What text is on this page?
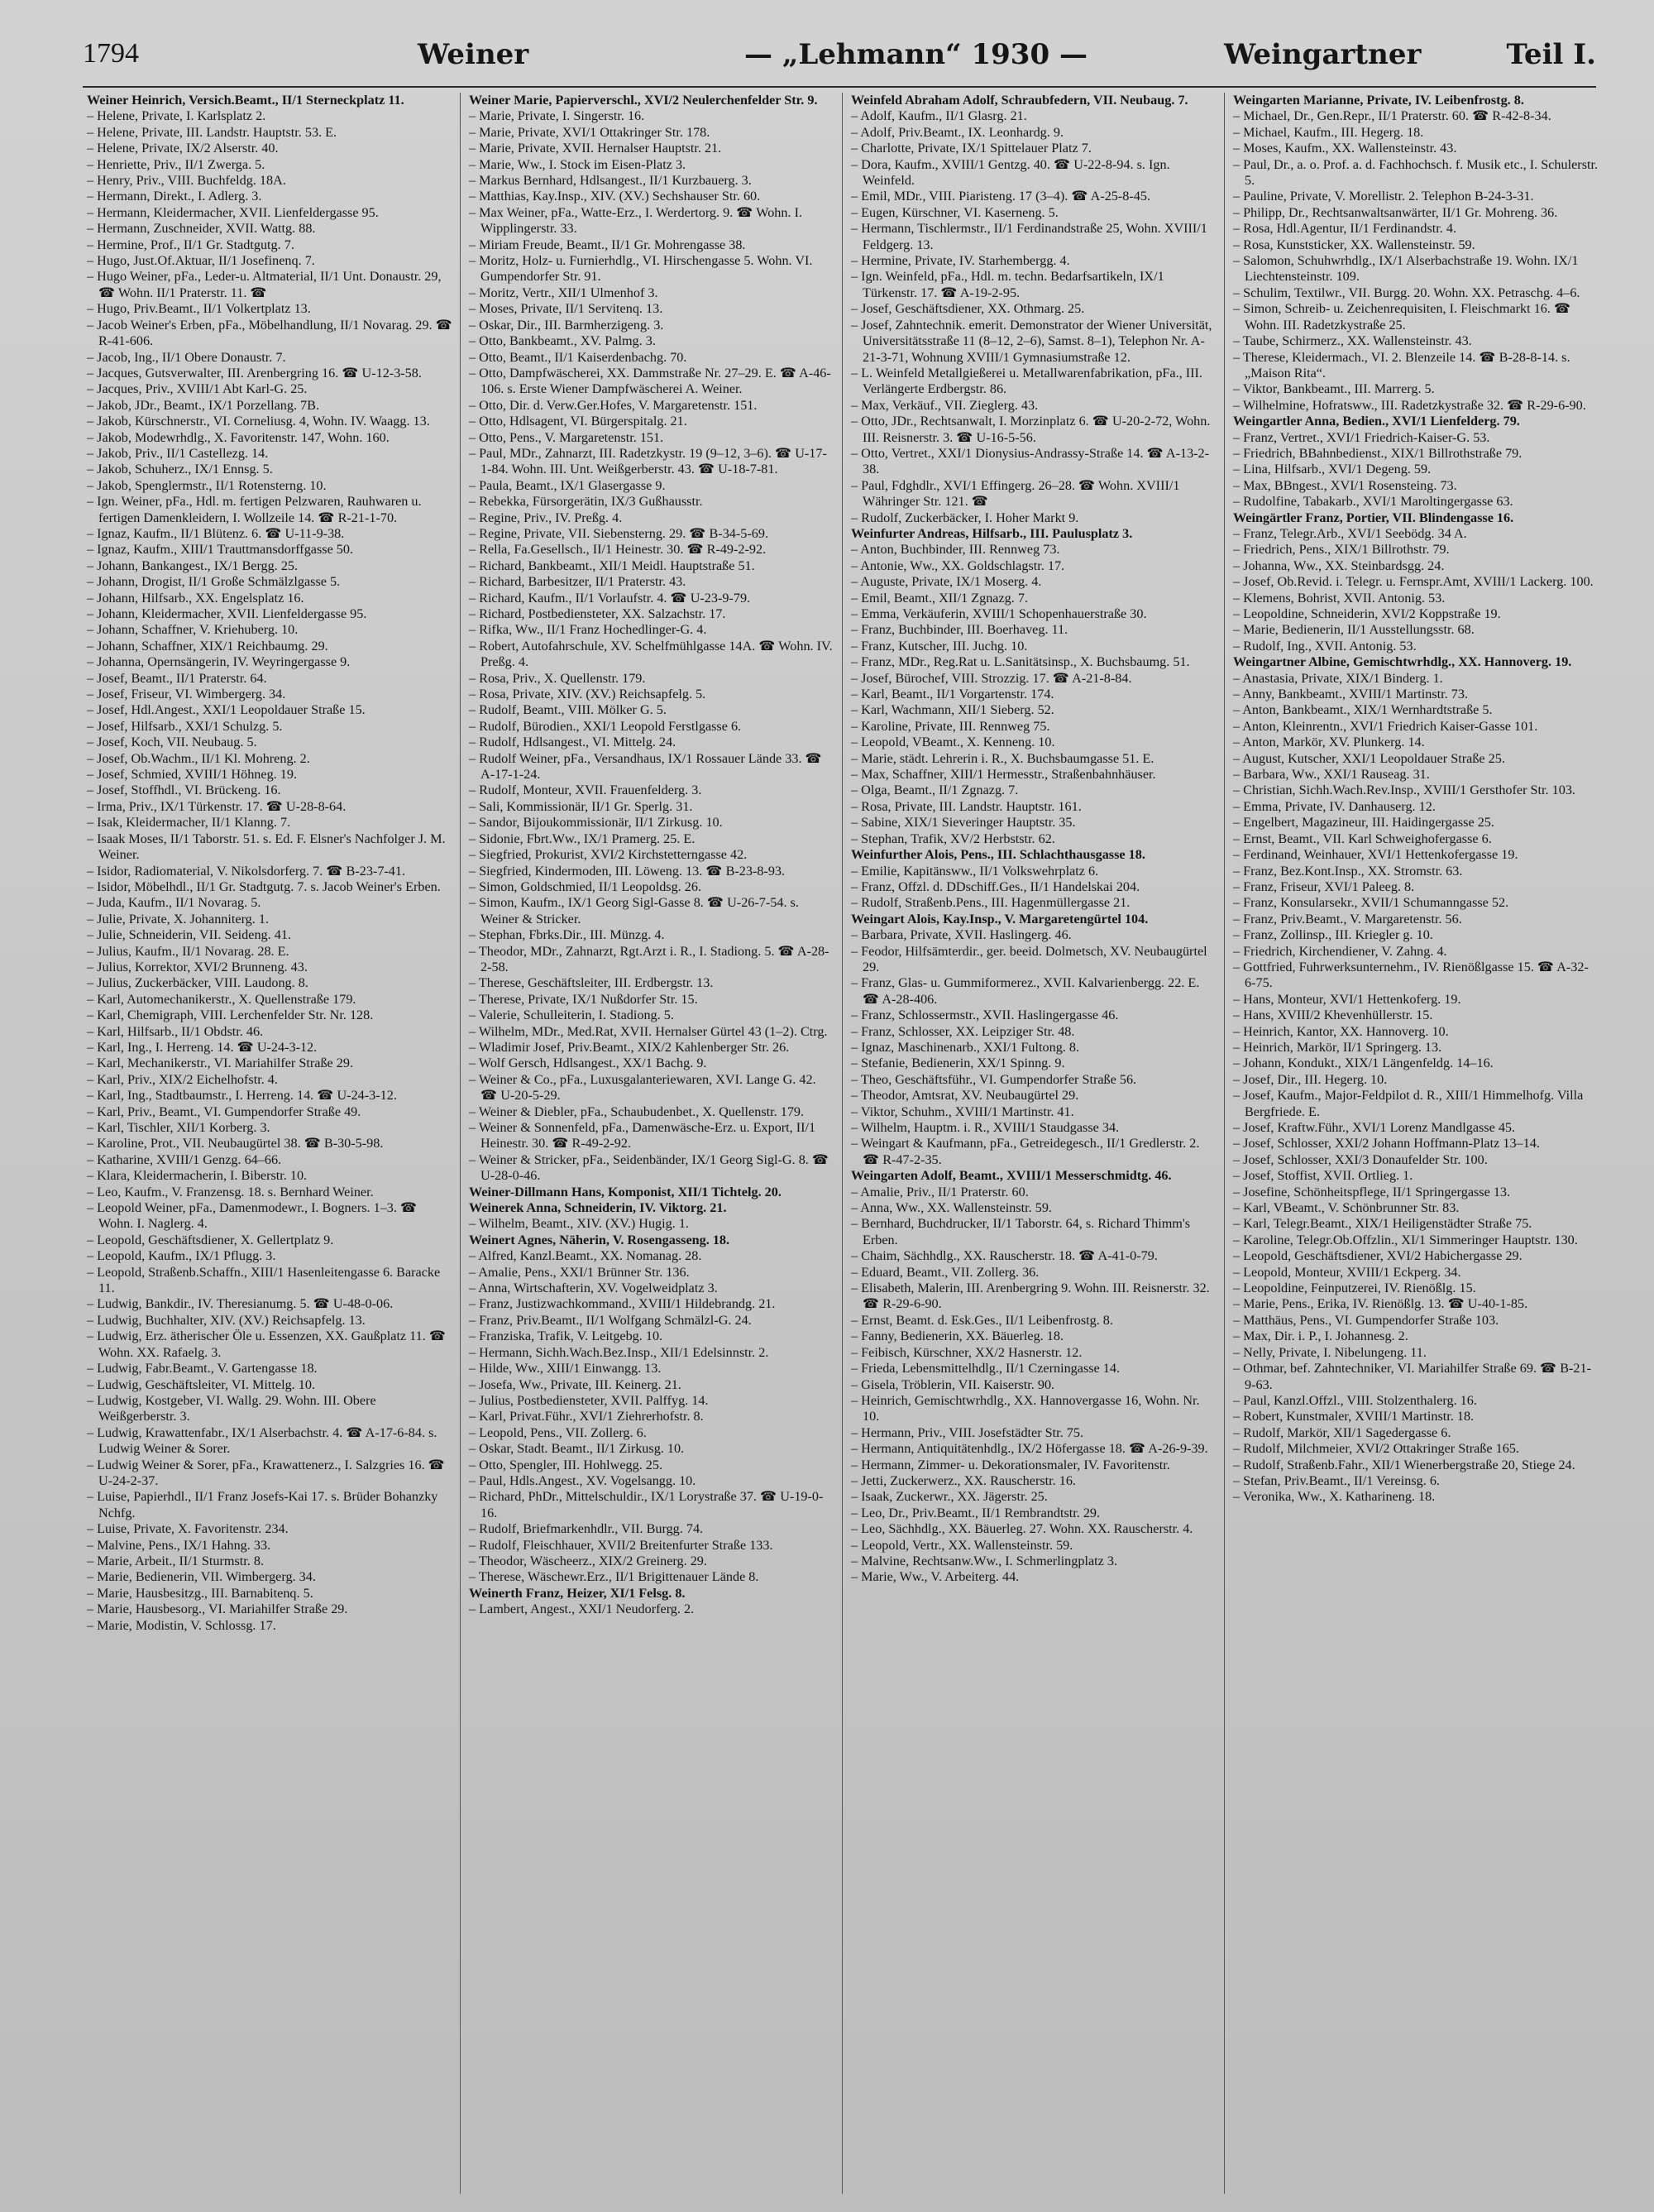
1794	Weiner	— „Lehmann“ 1930 —	Weingartner	Teil I.

Weiner Heinrich, Versich.Beamt., II/1 Sterneckplatz 11.

– Helene, Private, I. Karlsplatz 2.

– Helene, Private, III. Landstr. Hauptstr. 53. E.

– Helene, Private, IX/2 Alserstr. 40.

– Henriette, Priv., II/1 Zwerga. 5.

– Henry, Priv., VIII. Buchfeldg. 18A.

– Hermann, Direkt., I. Adlerg. 3.

– Hermann, Kleidermacher, XVII. Lienfeldergasse 95.

– Hermann, Zuschneider, XVII. Wattg. 88.

– Hermine, Prof., II/1 Gr. Stadtgutg. 7.

– Hugo, Just.Of.Aktuar, II/1 Josefinenq. 7.

– Hugo Weiner, pFa., Leder-u. Altmaterial, II/1 Unt. Donaustr. 29, ☎ Wohn. II/1 Praterstr. 11. ☎

– Hugo, Priv.Beamt., II/1 Volkertplatz 13.

– Jacob Weiner's Erben, pFa., Möbelhandlung, II/1 Novarag. 29. ☎ R-41-606.

– Jacob, Ing., II/1 Obere Donaustr. 7.

– Jacques, Gutsverwalter, III. Arenbergring 16. ☎ U-12-3-58.

– Jacques, Priv., XVIII/1 Abt Karl-G. 25.

– Jakob, JDr., Beamt., IX/1 Porzellang. 7B.

– Jakob, Kürschnerstr., VI. Corneliusg. 4, Wohn. IV. Waagg. 13.

– Jakob, Modewrhdlg., X. Favoritenstr. 147, Wohn. 160.

– Jakob, Priv., II/1 Castellezg. 14.

– Jakob, Schuherz., IX/1 Ennsg. 5.

– Jakob, Spenglermstr., II/1 Rotensterng. 10.

– Ign. Weiner, pFa., Hdl. m. fertigen Pelzwaren, Rauhwaren u. fertigen Damenkleidern, I. Wollzeile 14. ☎ R-21-1-70.

– Ignaz, Kaufm., II/1 Blütenz. 6. ☎ U-11-9-38.

– Ignaz, Kaufm., XIII/1 Trauttmansdorffgasse 50.

– Johann, Bankangest., IX/1 Bergg. 25.

– Johann, Drogist, II/1 Große Schmälzlgasse 5.

– Johann, Hilfsarb., XX. Engelsplatz 16.

– Johann, Kleidermacher, XVII. Lienfeldergasse 95.

– Johann, Schaffner, V. Kriehuberg. 10.

– Johann, Schaffner, XIX/1 Reichbaumg. 29.

– Johanna, Opernsängerin, IV. Weyringergasse 9.

– Josef, Beamt., II/1 Praterstr. 64.

– Josef, Friseur, VI. Wimbergerg. 34.

– Josef, Hdl.Angest., XXI/1 Leopoldauer Straße 15.

– Josef, Hilfsarb., XXI/1 Schulzg. 5.

– Josef, Koch, VII. Neubaug. 5.

– Josef, Ob.Wachm., II/1 Kl. Mohreng. 2.

– Josef, Schmied, XVIII/1 Höhneg. 19.

– Josef, Stoffhdl., VI. Brückeng. 16.

– Irma, Priv., IX/1 Türkenstr. 17. ☎ U-28-8-64.

– Isak, Kleidermacher, II/1 Klanng. 7.

– Isaak Moses, II/1 Taborstr. 51. s. Ed. F. Elsner's Nachfolger J. M. Weiner.

– Isidor, Radiomaterial, V. Nikolsdorferg. 7. ☎ B-23-7-41.

– Isidor, Möbelhdl., II/1 Gr. Stadtgutg. 7. s. Jacob Weiner's Erben.

– Juda, Kaufm., II/1 Novarag. 5.

– Julie, Private, X. Johanniterg. 1.

– Julie, Schneiderin, VII. Seideng. 41.

– Julius, Kaufm., II/1 Novarag. 28. E.

– Julius, Korrektor, XVI/2 Brunneng. 43.

– Julius, Zuckerbäcker, VIII. Laudong. 8.

– Karl, Automechanikerstr., X. Quellenstraße 179.

– Karl, Chemigraph, VIII. Lerchenfelder Str. Nr. 128.

– Karl, Hilfsarb., II/1 Obdstr. 46.

– Karl, Ing., I. Herreng. 14. ☎ U-24-3-12.

– Karl, Mechanikerstr., VI. Mariahilfer Straße 29.

– Karl, Priv., XIX/2 Eichelhofstr. 4.

– Karl, Ing., Stadtbaumstr., I. Herreng. 14. ☎ U-24-3-12.

– Karl, Priv., Beamt., VI. Gumpendorfer Straße 49.

– Karl, Tischler, XII/1 Korberg. 3.

– Karoline, Prot., VII. Neubaugürtel 38. ☎ B-30-5-98.

– Katharine, XVIII/1 Genzg. 64–66.

– Klara, Kleidermacherin, I. Biberstr. 10.

– Leo, Kaufm., V. Franzensg. 18. s. Bernhard Weiner.

– Leopold Weiner, pFa., Damenmodewr., I. Bogners. 1–3. ☎ Wohn. I. Naglerg. 4.

– Leopold, Geschäftsdiener, X. Gellertplatz 9.

– Leopold, Kaufm., IX/1 Pflugg. 3.

– Leopold, Straßenb.Schaffn., XIII/1 Hasenleitengasse 6. Baracke 11.

– Ludwig, Bankdir., IV. Theresianumg. 5. ☎ U-48-0-06.

– Ludwig, Buchhalter, XIV. (XV.) Reichsapfelg. 13.

– Ludwig, Erz. ätherischer Öle u. Essenzen, XX. Gaußplatz 11. ☎ Wohn. XX. Rafaelg. 3.

– Ludwig, Fabr.Beamt., V. Gartengasse 18.

– Ludwig, Geschäftsleiter, VI. Mittelg. 10.

– Ludwig, Kostgeber, VI. Wallg. 29. Wohn. III. Obere Weißgerberstr. 3.

– Ludwig, Krawattenfabr., IX/1 Alserbachstr. 4. ☎ A-17-6-84. s. Ludwig Weiner & Sorer.

– Ludwig Weiner & Sorer, pFa., Krawattenerz., I. Salzgries 16. ☎ U-24-2-37.

– Luise, Papierhdl., II/1 Franz Josefs-Kai 17. s. Brüder Bohanzky Nchfg.

– Luise, Private, X. Favoritenstr. 234.

– Malvine, Pens., IX/1 Hahng. 33.

– Marie, Arbeit., II/1 Sturmstr. 8.

– Marie, Bedienerin, VII. Wimbergerg. 34.

– Marie, Hausbesitzg., III. Barnabitenq. 5.

– Marie, Hausbesorg., VI. Mariahilfer Straße 29.

– Marie, Modistin, V. Schlossg. 17.

Weiner Marie, Papierverschl., XVI/2 Neulerchenfelder Str. 9.

– Marie, Private, I. Singerstr. 16.

– Marie, Private, XVI/1 Ottakringer Str. 178.

– Marie, Private, XVII. Hernalser Hauptstr. 21.

– Marie, Ww., I. Stock im Eisen-Platz 3.

– Markus Bernhard, Hdlsangest., II/1 Kurzbauerg. 3.

– Matthias, Kay.Insp., XIV. (XV.) Sechshauser Str. 60.

– Max Weiner, pFa., Watte-Erz., I. Werdertorg. 9. ☎ Wohn. I. Wipplingerstr. 33.

– Miriam Freude, Beamt., II/1 Gr. Mohrengasse 38.

– Moritz, Holz- u. Furnierhdlg., VI. Hirschengasse 5. Wohn. VI. Gumpendorfer Str. 91.

– Moritz, Vertr., XII/1 Ulmenhof 3.

– Moses, Private, II/1 Servitenq. 13.

– Oskar, Dir., III. Barmherzigeng. 3.

– Otto, Bankbeamt., XV. Palmg. 3.

– Otto, Beamt., II/1 Kaiserdenbachg. 70.

– Otto, Dampfwäscherei, XX. Dammstraße Nr. 27–29. E. ☎ A-46-106. s. Erste Wiener Dampfwäscherei A. Weiner.

– Otto, Dir. d. Verw.Ger.Hofes, V. Margaretenstr. 151.

– Otto, Hdlsagent, VI. Bürgerspitalg. 21.

– Otto, Pens., V. Margaretenstr. 151.

– Paul, MDr., Zahnarzt, III. Radetzkystr. 19 (9–12, 3–6). ☎ U-17-1-84. Wohn. III. Unt. Weißgerberstr. 43. ☎ U-18-7-81.

– Paula, Beamt., IX/1 Glasergasse 9.

– Rebekka, Fürsorgerätin, IX/3 Gußhausstr.

– Regine, Priv., IV. Preßg. 4.

– Regine, Private, VII. Siebensterng. 29. ☎ B-34-5-69.

– Rella, Fa.Gesellsch., II/1 Heinestr. 30. ☎ R-49-2-92.

– Richard, Bankbeamt., XII/1 Meidl. Hauptstraße 51.

– Richard, Barbesitzer, II/1 Praterstr. 43.

– Richard, Kaufm., II/1 Vorlaufstr. 4. ☎ U-23-9-79.

– Richard, Postbediensteter, XX. Salzachstr. 17.

– Rifka, Ww., II/1 Franz Hochedlinger-G. 4.

– Robert, Autofahrschule, XV. Schelfmühlgasse 14A. ☎ Wohn. IV. Preßg. 4.

– Rosa, Priv., X. Quellenstr. 179.

– Rosa, Private, XIV. (XV.) Reichsapfelg. 5.

– Rudolf, Beamt., VIII. Mölker G. 5.

– Rudolf, Bürodien., XXI/1 Leopold Ferstlgasse 6.

– Rudolf, Hdlsangest., VI. Mittelg. 24.

– Rudolf Weiner, pFa., Versandhaus, IX/1 Rossauer Lände 33. ☎ A-17-1-24.

– Rudolf, Monteur, XVII. Frauenfelderg. 3.

– Sali, Kommissionär, II/1 Gr. Sperlg. 31.

– Sandor, Bijoukommissionär, II/1 Zirkusg. 10.

– Sidonie, Fbrt.Ww., IX/1 Pramerg. 25. E.

– Siegfried, Prokurist, XVI/2 Kirchstetterngasse 42.

– Siegfried, Kindermoden, III. Löweng. 13. ☎ B-23-8-93.

– Simon, Goldschmied, II/1 Leopoldsg. 26.

– Simon, Kaufm., IX/1 Georg Sigl-Gasse 8. ☎ U-26-7-54. s. Weiner & Stricker.

– Stephan, Fbrks.Dir., III. Münzg. 4.

– Theodor, MDr., Zahnarzt, Rgt.Arzt i. R., I. Stadiong. 5. ☎ A-28-2-58.

– Therese, Geschäftsleiter, III. Erdbergstr. 13.

– Therese, Private, IX/1 Nußdorfer Str. 15.

– Valerie, Schulleiterin, I. Stadiong. 5.

– Wilhelm, MDr., Med.Rat, XVII. Hernalser Gürtel 43 (1–2). Ctrg.

– Wladimir Josef, Priv.Beamt., XIX/2 Kahlenberger Str. 26.

– Wolf Gersch, Hdlsangest., XX/1 Bachg. 9.

– Weiner & Co., pFa., Luxusgalanteriewaren, XVI. Lange G. 42. ☎ U-20-5-29.

– Weiner & Diebler, pFa., Schaubudenbet., X. Quellenstr. 179.

– Weiner & Sonnenfeld, pFa., Damenwäsche-Erz. u. Export, II/1 Heinestr. 30. ☎ R-49-2-92.

– Weiner & Stricker, pFa., Seidenbänder, IX/1 Georg Sigl-G. 8. ☎ U-28-0-46.

Weiner-Dillmann Hans, Komponist, XII/1 Tichtelg. 20.

Weinerek Anna, Schneiderin, IV. Viktorg. 21.

– Wilhelm, Beamt., XIV. (XV.) Hugig. 1.

Weinert Agnes, Näherin, V. Rosengasseng. 18.

– Alfred, Kanzl.Beamt., XX. Nomanag. 28.

– Amalie, Pens., XXI/1 Brünner Str. 136.

– Anna, Wirtschafterin, XV. Vogelweidplatz 3.

– Franz, Justizwachkommand., XVIII/1 Hildebrandg. 21.

– Franz, Priv.Beamt., II/1 Wolfgang Schmälzl-G. 24.

– Franziska, Trafik, V. Leitgebg. 10.

– Hermann, Sichh.Wach.Bez.Insp., XII/1 Edelsinnstr. 2.

– Hilde, Ww., XIII/1 Einwangg. 13.

– Josefa, Ww., Private, III. Keinerg. 21.

– Julius, Postbediensteter, XVII. Palffyg. 14.

– Karl, Privat.Führ., XVI/1 Ziehrerhofstr. 8.

– Leopold, Pens., VII. Zollerg. 6.

– Oskar, Stadt. Beamt., II/1 Zirkusg. 10.

– Otto, Spengler, III. Hohlwegg. 25.

– Paul, Hdls.Angest., XV. Vogelsangg. 10.

– Richard, PhDr., Mittelschuldir., IX/1 Lorystraße 37. ☎ U-19-0-16.

– Rudolf, Briefmarkenhdlr., VII. Burgg. 74.

– Rudolf, Fleischhauer, XVII/2 Breitenfurter Straße 133.

– Theodor, Wäscheerz., XIX/2 Greinerg. 29.

– Therese, Wäschewr.Erz., II/1 Brigittenauer Lände 8.

Weinerth Franz, Heizer, XI/1 Felsg. 8.

– Lambert, Angest., XXI/1 Neudorferg. 2.

Weinfeld Abraham Adolf, Schraubfedern, VII. Neubaug. 7.

– Adolf, Kaufm., II/1 Glasrg. 21.

– Adolf, Priv.Beamt., IX. Leonhardg. 9.

– Charlotte, Private, IX/1 Spittelauer Platz 7.

– Dora, Kaufm., XVIII/1 Gentzg. 40. ☎ U-22-8-94. s. Ign. Weinfeld.

– Emil, MDr., VIII. Piaristeng. 17 (3–4). ☎ A-25-8-45.

– Eugen, Kürschner, VI. Kaserneng. 5.

– Hermann, Tischlermstr., II/1 Ferdinandstraße 25, Wohn. XVIII/1 Feldgerg. 13.

– Hermine, Private, IV. Starhembergg. 4.

– Ign. Weinfeld, pFa., Hdl. m. techn. Bedarfsartikeln, IX/1 Türkenstr. 17. ☎ A-19-2-95.

– Josef, Geschäftsdiener, XX. Othmarg. 25.

– Josef, Zahntechnik. emerit. Demonstrator der Wiener Universität, Universitätsstraße 11 (8–12, 2–6), Samst. 8–1), Telephon Nr. A-21-3-71, Wohnung XVIII/1 Gymnasiumstraße 12.

– L. Weinfeld Metallgießerei u. Metallwarenfabrikation, pFa., III. Verlängerte Erdbergstr. 86.

– Max, Verkäuf., VII. Zieglerg. 43.

– Otto, JDr., Rechtsanwalt, I. Morzinplatz 6. ☎ U-20-2-72, Wohn. III. Reisnerstr. 3. ☎ U-16-5-56.

– Otto, Vertret., XXI/1 Dionysius-Andrassy-Straße 14. ☎ A-13-2-38.

– Paul, Fdghdlr., XVI/1 Effingerg. 26–28. ☎ Wohn. XVIII/1 Währinger Str. 121. ☎

– Rudolf, Zuckerbäcker, I. Hoher Markt 9.

Weinfurter Andreas, Hilfsarb., III. Paulusplatz 3.

– Anton, Buchbinder, III. Rennweg 73.

– Antonie, Ww., XX. Goldschlagstr. 17.

– Auguste, Private, IX/1 Moserg. 4.

– Emil, Beamt., XII/1 Zgnazg. 7.

– Emma, Verkäuferin, XVIII/1 Schopenhauerstraße 30.

– Franz, Buchbinder, III. Boerhaveg. 11.

– Franz, Kutscher, III. Juchg. 10.

– Franz, MDr., Reg.Rat u. L.Sanitätsinsp., X. Buchsbaumg. 51.

– Josef, Bürochef, VIII. Strozzig. 17. ☎ A-21-8-84.

– Karl, Beamt., II/1 Vorgartenstr. 174.

– Karl, Wachmann, XII/1 Sieberg. 52.

– Karoline, Private, III. Rennweg 75.

– Leopold, VBeamt., X. Kenneng. 10.

– Marie, städt. Lehrerin i. R., X. Buchsbaumgasse 51. E.

– Max, Schaffner, XIII/1 Hermesstr., Straßenbahnhäuser.

– Olga, Beamt., II/1 Zgnazg. 7.

– Rosa, Private, III. Landstr. Hauptstr. 161.

– Sabine, XIX/1 Sieveringer Hauptstr. 35.

– Stephan, Trafik, XV/2 Herbststr. 62.

Weinfurther Alois, Pens., III. Schlachthausgasse 18.

– Emilie, Kapitänsww., II/1 Volkswehrplatz 6.

– Franz, Offzl. d. DDschiff.Ges., II/1 Handelskai 204.

– Rudolf, Straßenb.Pens., III. Hagenmüllergasse 21.

Weingart Alois, Kay.Insp., V. Margaretengürtel 104.

– Barbara, Private, XVII. Haslingerg. 46.

– Feodor, Hilfsämterdir., ger. beeid. Dolmetsch, XV. Neubaugürtel 29.

– Franz, Glas- u. Gummiformerez., XVII. Kalvarienbergg. 22. E. ☎ A-28-406.

– Franz, Schlossermstr., XVII. Haslingergasse 46.

– Franz, Schlosser, XX. Leipziger Str. 48.

– Ignaz, Maschinenarb., XXI/1 Fultong. 8.

– Stefanie, Bedienerin, XX/1 Spinng. 9.

– Theo, Geschäftsführ., VI. Gumpendorfer Straße 56.

– Theodor, Amtsrat, XV. Neubaugürtel 29.

– Viktor, Schuhm., XVIII/1 Martinstr. 41.

– Wilhelm, Hauptm. i. R., XVIII/1 Staudgasse 34.

– Weingart & Kaufmann, pFa., Getreidegesch., II/1 Gredlerstr. 2. ☎ R-47-2-35.

Weingarten Adolf, Beamt., XVIII/1 Messerschmidtg. 46.

– Amalie, Priv., II/1 Praterstr. 60.

– Anna, Ww., XX. Wallensteinstr. 59.

– Bernhard, Buchdrucker, II/1 Taborstr. 64, s. Richard Thimm's Erben.

– Chaim, Sächhdlg., XX. Rauscherstr. 18. ☎ A-41-0-79.

– Eduard, Beamt., VII. Zollerg. 36.

– Elisabeth, Malerin, III. Arenbergring 9. Wohn. III. Reisnerstr. 32. ☎ R-29-6-90.

– Ernst, Beamt. d. Esk.Ges., II/1 Leibenfrostg. 8.

– Fanny, Bedienerin, XX. Bäuerleg. 18.

– Feibisch, Kürschner, XX/2 Hasnerstr. 12.

– Frieda, Lebensmittelhdlg., II/1 Czerningasse 14.

– Gisela, Tröblerin, VII. Kaiserstr. 90.

– Heinrich, Gemischtwrhdlg., XX. Hannovergasse 16, Wohn. Nr. 10.

– Hermann, Priv., VIII. Josefstädter Str. 75.

– Hermann, Antiquitätenhdlg., IX/2 Höfergasse 18. ☎ A-26-9-39.

– Hermann, Zimmer- u. Dekorationsmaler, IV. Favoritenstr.

– Jetti, Zuckerwerz., XX. Rauscherstr. 16.

– Isaak, Zuckerwr., XX. Jägerstr. 25.

– Leo, Dr., Priv.Beamt., II/1 Rembrandtstr. 29.

– Leo, Sächhdlg., XX. Bäuerleg. 27. Wohn. XX. Rauscherstr. 4.

– Leopold, Vertr., XX. Wallensteinstr. 59.

– Malvine, Rechtsanw.Ww., I. Schmerlingplatz 3.

– Marie, Ww., V. Arbeiterg. 44.

Weingarten Marianne, Private, IV. Leibenfrostg. 8.

– Michael, Dr., Gen.Repr., II/1 Praterstr. 60. ☎ R-42-8-34.

– Michael, Kaufm., III. Hegerg. 18.

– Moses, Kaufm., XX. Wallensteinstr. 43.

– Paul, Dr., a. o. Prof. a. d. Fachhochsch. f. Musik etc., I. Schulerstr. 5.

– Pauline, Private, V. Morellistr. 2. Telephon B-24-3-31.

– Philipp, Dr., Rechtsanwaltsanwärter, II/1 Gr. Mohreng. 36.

– Rosa, Hdl.Agentur, II/1 Ferdinandstr. 4.

– Rosa, Kunststicker, XX. Wallensteinstr. 59.

– Salomon, Schuhwrhdlg., IX/1 Alserbachstraße 19. Wohn. IX/1 Liechtensteinstr. 109.

– Schulim, Textilwr., VII. Burgg. 20. Wohn. XX. Petraschg. 4–6.

– Simon, Schreib- u. Zeichenrequisiten, I. Fleischmarkt 16. ☎ Wohn. III. Radetzkystraße 25.

– Taube, Schirmerz., XX. Wallensteinstr. 43.

– Therese, Kleidermach., VI. 2. Blenzeile 14. ☎ B-28-8-14. s. „Maison Rita“.

– Viktor, Bankbeamt., III. Marrerg. 5.

– Wilhelmine, Hofratsww., III. Radetzkystraße 32. ☎ R-29-6-90.

Weingartler Anna, Bedien., XVI/1 Lienfelderg. 79.

– Franz, Vertret., XVI/1 Friedrich-Kaiser-G. 53.

– Friedrich, BBahnbedienst., XIX/1 Billrothstraße 79.

– Lina, Hilfsarb., XVI/1 Degeng. 59.

– Max, BBngest., XVI/1 Rosensteing. 73.

– Rudolfine, Tabakarb., XVI/1 Maroltingergasse 63.

Weingärtler Franz, Portier, VII. Blindengasse 16.

– Franz, Telegr.Arb., XVI/1 Seebödg. 34 A.

– Friedrich, Pens., XIX/1 Billrothstr. 79.

– Johanna, Ww., XX. Steinbardsgg. 24.

– Josef, Ob.Revid. i. Telegr. u. Fernspr.Amt, XVIII/1 Lackerg. 100.

– Klemens, Bohrist, XVII. Antonig. 53.

– Leopoldine, Schneiderin, XVI/2 Koppstraße 19.

– Marie, Bedienerin, II/1 Ausstellungsstr. 68.

– Rudolf, Ing., XVII. Antonig. 53.

Weingartner Albine, Gemischtwrhdlg., XX. Hannoverg. 19.

– Anastasia, Private, XIX/1 Binderg. 1.

– Anny, Bankbeamt., XVIII/1 Martinstr. 73.

– Anton, Bankbeamt., XIX/1 Wernhardtstraße 5.

– Anton, Kleinrentn., XVI/1 Friedrich Kaiser-Gasse 101.

– Anton, Markör, XV. Plunkerg. 14.

– August, Kutscher, XXI/1 Leopoldauer Straße 25.

– Barbara, Ww., XXI/1 Rauseag. 31.

– Christian, Sichh.Wach.Rev.Insp., XVIII/1 Gersthofer Str. 103.

– Emma, Private, IV. Danhauserg. 12.

– Engelbert, Magazineur, III. Haidingergasse 25.

– Ernst, Beamt., VII. Karl Schweighofergasse 6.

– Ferdinand, Weinhauer, XVI/1 Hettenkofergasse 19.

– Franz, Bez.Kont.Insp., XX. Stromstr. 63.

– Franz, Friseur, XVI/1 Paleeg. 8.

– Franz, Konsularsekr., XVII/1 Schumanngasse 52.

– Franz, Priv.Beamt., V. Margaretenstr. 56.

– Franz, Zollinsp., III. Kriegler g. 10.

– Friedrich, Kirchendiener, V. Zahng. 4.

– Gottfried, Fuhrwerksunternehm., IV. Rienößlgasse 15. ☎ A-32-6-75.

– Hans, Monteur, XVI/1 Hettenkoferg. 19.

– Hans, XVIII/2 Khevenhüllerstr. 15.

– Heinrich, Kantor, XX. Hannoverg. 10.

– Heinrich, Markör, II/1 Springerg. 13.

– Johann, Kondukt., XIX/1 Längenfeldg. 14–16.

– Josef, Dir., III. Hegerg. 10.

– Josef, Kaufm., Major-Feldpilot d. R., XIII/1 Himmelhofg. Villa Bergfriede. E.

– Josef, Kraftw.Führ., XVI/1 Lorenz Mandlgasse 45.

– Josef, Schlosser, XXI/2 Johann Hoffmann-Platz 13–14.

– Josef, Schlosser, XXI/3 Donaufelder Str. 100.

– Josef, Stoffist, XVII. Ortlieg. 1.

– Josefine, Schönheitspflege, II/1 Springergasse 13.

– Karl, VBeamt., V. Schönbrunner Str. 83.

– Karl, Telegr.Beamt., XIX/1 Heiligenstädter Straße 75.

– Karoline, Telegr.Ob.Offzlin., XI/1 Simmeringer Hauptstr. 130.

– Leopold, Geschäftsdiener, XVI/2 Habichergasse 29.

– Leopold, Monteur, XVIII/1 Eckperg. 34.

– Leopoldine, Feinputzerei, IV. Rienößlg. 15.

– Marie, Pens., Erika, IV. Rienößlg. 13. ☎ U-40-1-85.

– Matthäus, Pens., VI. Gumpendorfer Straße 103.

– Max, Dir. i. P., I. Johannesg. 2.

– Nelly, Private, I. Nibelungeng. 11.

– Othmar, bef. Zahntechniker, VI. Mariahilfer Straße 69. ☎ B-21-9-63.

– Paul, Kanzl.Offzl., VIII. Stolzenthalerg. 16.

– Robert, Kunstmaler, XVIII/1 Martinstr. 18.

– Rudolf, Markör, XII/1 Sagedergasse 6.

– Rudolf, Milchmeier, XVI/2 Ottakringer Straße 165.

– Rudolf, Straßenb.Fahr., XII/1 Wienerbergstraße 20, Stiege 24.

– Stefan, Priv.Beamt., II/1 Vereinsg. 6.

– Veronika, Ww., X. Katharineng. 18.
